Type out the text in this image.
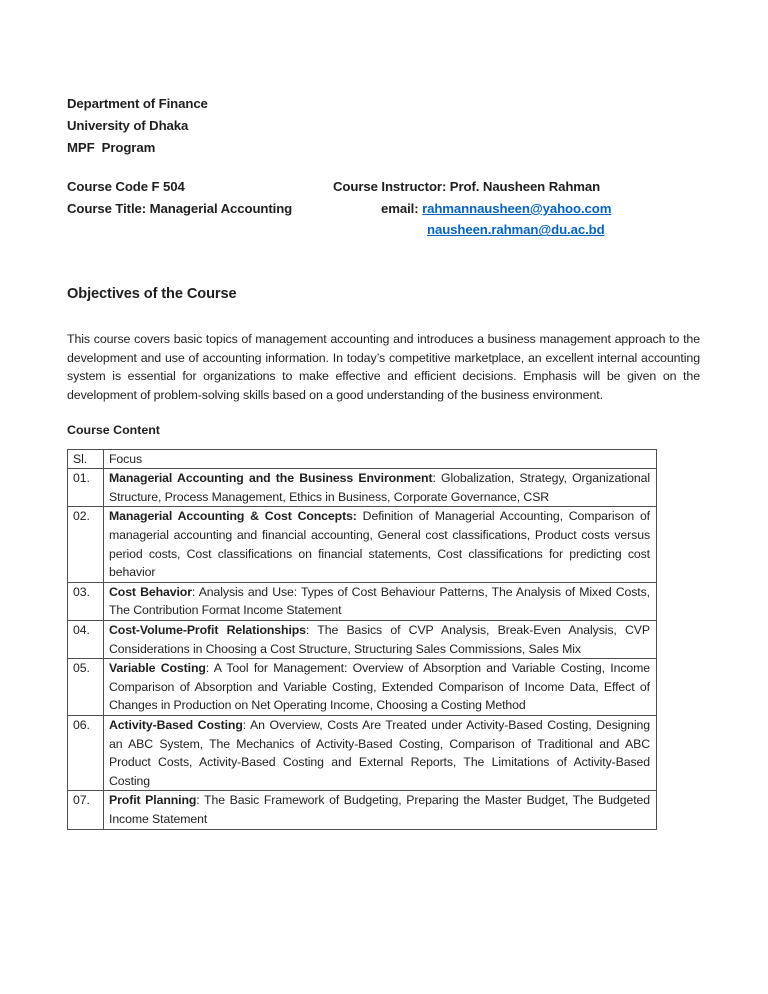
Department of Finance
University of Dhaka
MPF  Program
Course Code F 504	Course Instructor: Prof. Nausheen Rahman
Course Title: Managerial Accounting	email: rahmannausheen@yahoo.com
nausheen.rahman@du.ac.bd
Objectives of the Course
This course covers basic topics of management accounting and introduces a business management approach to the development and use of accounting information. In today’s competitive marketplace, an excellent internal accounting system is essential for organizations to make effective and efficient decisions. Emphasis will be given on the development of problem-solving skills based on a good understanding of the business environment.
Course Content
Sl.	Focus
01.	Managerial Accounting and the Business Environment: Globalization, Strategy, Organizational Structure, Process Management, Ethics in Business, Corporate Governance, CSR
02.	Managerial Accounting & Cost Concepts: Definition of Managerial Accounting, Comparison of managerial accounting and financial accounting, General cost classifications, Product costs versus period costs, Cost classifications on financial statements, Cost classifications for predicting cost behavior
03.	Cost Behavior: Analysis and Use: Types of Cost Behaviour Patterns, The Analysis of Mixed Costs, The Contribution Format Income Statement
04.	Cost-Volume-Profit Relationships: The Basics of CVP Analysis, Break-Even Analysis, CVP Considerations in Choosing a Cost Structure, Structuring Sales Commissions, Sales Mix
05.	Variable Costing: A Tool for Management: Overview of Absorption and Variable Costing, Income Comparison of Absorption and Variable Costing, Extended Comparison of Income Data, Effect of Changes in Production on Net Operating Income, Choosing a Costing Method
06.	Activity-Based Costing: An Overview, Costs Are Treated under Activity-Based Costing, Designing an ABC System, The Mechanics of Activity-Based Costing, Comparison of Traditional and ABC Product Costs, Activity-Based Costing and External Reports, The Limitations of Activity-Based Costing
07.	Profit Planning: The Basic Framework of Budgeting, Preparing the Master Budget, The Budgeted Income Statement
